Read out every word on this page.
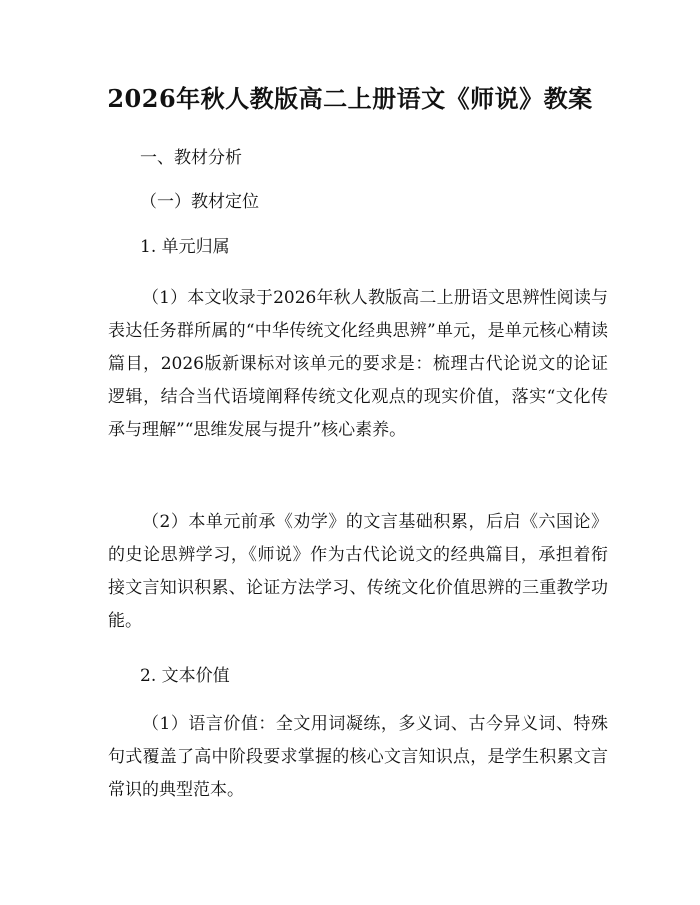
2026年秋人教版高二上册语文《师说》教案

一、教材分析

（一）教材定位

1. 单元归属

（1）本文收录于2026年秋人教版高二上册语文思辨性阅读与表达任务群所属的“中华传统文化经典思辨”单元，是单元核心精读篇目，2026版新课标对该单元的要求是：梳理古代论说文的论证逻辑，结合当代语境阐释传统文化观点的现实价值，落实“文化传承与理解”“思维发展与提升”核心素养。

（2）本单元前承《劝学》的文言基础积累，后启《六国论》的史论思辨学习，《师说》作为古代论说文的经典篇目，承担着衔接文言知识积累、论证方法学习、传统文化价值思辨的三重教学功能。

2. 文本价值

（1）语言价值：全文用词凝练，多义词、古今异义词、特殊句式覆盖了高中阶段要求掌握的核心文言知识点，是学生积累文言常识的典型范本。
